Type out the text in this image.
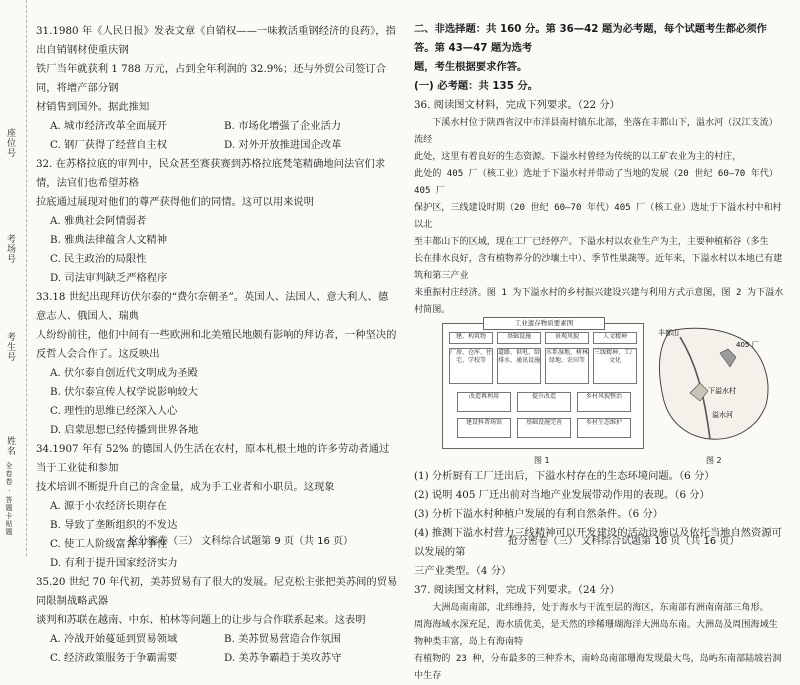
座位号
考场号
考生号
姓名
全卷卷 · 答题卡贴题

31.1980 年《人民日报》发表文章《自销权——一味救活重钢经济的良药》，指出自销钢材使重庆钢

铁厂当年就获利 1 788 万元，占到全年利润的 32.9%；还与外贸公司签订合同，将增产部分钢

材销售到国外。据此推知

A. 城市经济改革全面展开	B. 市场化增强了企业活力
C. 钢厂获得了经营自主权	D. 对外开放推进国企改革

32. 在苏格拉底的审判中，民众甚至赛获赛到苏格拉底梵笔精确地问法官们求情，法官们也希望苏格

拉底通过展现对他们的尊严获得他们的同情。这可以用来说明

A. 雅典社会阿情弱者

B. 雅典法律蕴含人文精神

C. 民主政治的局限性

D. 司法审判缺乏严格程序

33.18 世纪出现拜访伏尔泰的“费尔奈朝圣”。英国人、法国人、意大利人、德意志人、俄国人、瑞典

人纷纷前往，他们中间有一些欧洲和北美殖民地颇有影响的拜访者，一种坚决的反哲人会合作了。这反映出

A. 伏尔泰自创近代文明成为圣殿

B. 伏尔泰宣传人权学说影响较大

C. 理性的思维已经深入人心

D. 启蒙思想已经传播到世界各地

34.1907 年有 52% 的德国人仍生活在农村，原本札根土地的许多劳动者通过当于工业徒和参加

技术培训不断提升自己的含金量，成为手工业者和小职员。这现象

A. 源于小农经济长期存在

B. 导致了垄断组织的不发达

C. 使工人阶级富含斗争性

D. 有利于提升国家经济实力

35.20 世纪 70 年代初，美苏贸易有了很大的发展。尼克松主张把美苏间的贸易同限制战略武器

谈判和苏联在越南、中东、柏林等问题上的让步与合作联系起来。这表明

A. 冷战开始蔓延到贸易领域	B. 美苏贸易营造合作氛围
C. 经济政策服务于争霸需要	D. 美苏争霸趋于美攻苏守

二、非选择题：共 160 分。第 36—42 题为必考题，每个试题考生都必须作答。第 43—47 题为选考

题，考生根据要求作答。

(一) 必考题：共 135 分。

36. 阅读图文材料，完成下列要求。（22 分）

下溪水村位于陕西省汉中市洋县南村镇东北部，坐落在丰都山下，溢水河（汉江支流）流经

此处，这里有着良好的生态资源。下溢水村曾经为传统的以工矿农业为主的村庄，

此处的 405 厂（核工业）选址于下溢水村并带动了当地的发展（20 世纪 60—70 年代）405 厂

保护区，三线建设时期（20 世纪 60—70 年代）405 厂（核工业）选址于下溢水村中和村以北

至丰都山下的区域，现在工厂已经停产。下溢水村以农业生产为主，主要种植稻谷（多生

长在排水良好，含有植物养分的沙壤土中）、季节性果蔬等。近年来，下溢水村以本地已有建筑和第三产业

来重振村庄经济。图 1 为下溢水村的乡村振兴建设兴建与利用方式示意图，图 2 为下溢水村简图。

工业遗存物质要素图
建、构筑物	基础设施	景观风貌	人文精神
厂房、仓库、住宅、学校等
道路、供电、给排水、通讯设施
水系湿地、树林绿地、农田等
三线精神、工厂文化
改造再利用	提升改造	乡村风貌整治
建设科普场馆	基础设施完善	乡村生态维护
405 厂
丰都山
溢水河
下溢水村
图 1	图 2

(1) 分析厨有工厂迁出后，下溢水村存在的生态环境问题。（6 分）

(2) 说明 405 厂迁出前对当地产业发展带动作用的表现。（6 分）

(3) 分析下溢水村种植户发展的有利自然条件。（6 分）

(4) 推测下溢水村营力三线精神可以开发建设的活动设施以及依托当地自然资源可以发展的第

三产业类型。（4 分）

37. 阅读图文材料，完成下列要求。（24 分）

大洲岛南南部，北纬维持，处于海水与干流至层的海区，东南部有洲南南部三角形。

周海海域水深充足，海水质优美，是天然的珍稀珊瑚海洋大洲岛东南。大洲岛及周围海域生物种类丰富，岛上有海南特

有植物的 23 种，分布最多的三种乔木，南岭岛南部珊海发现最大鸟，岛屿东南部陆坡岩洞中生存

抢分密卷（三） 文科综合试题第 9 页（共 16 页）	抢分密卷（三） 文科综合试题第 10 页（共 16 页）
